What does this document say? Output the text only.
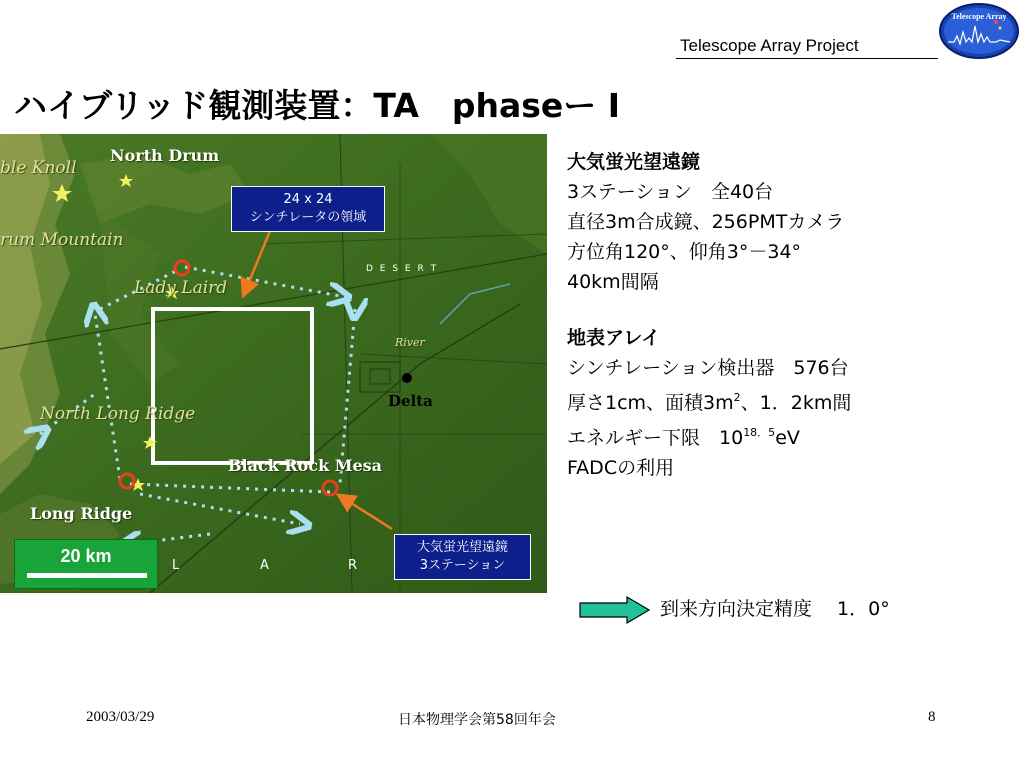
Telescope Array Project
Telescope Array
ハイブリッド観測装置：TA　phaseー Ⅰ
North Drum
ble Knoll
rum Mountain
Lady Laird
North Long Ridge
Black Rock Mesa
Long Ridge
Delta
River
D E S E R T
L	A	R
24 x 24
シンチレータの領域
大気蛍光望遠鏡
3ステーション
20 km
大気蛍光望遠鏡
3ステーション　全40台
直径3m合成鏡、256PMTカメラ
方位角120°、仰角3°－34°
40km間隔
地表アレイ
シンチレーション検出器　576台
厚さ1cm、面積$3m^2$、1．2km間
エネルギー下限　$10^{18.5}eV$
FADCの利用
到来方向決定精度　 1．0°
2003/03/29	日本物理学会第58回年会	8
